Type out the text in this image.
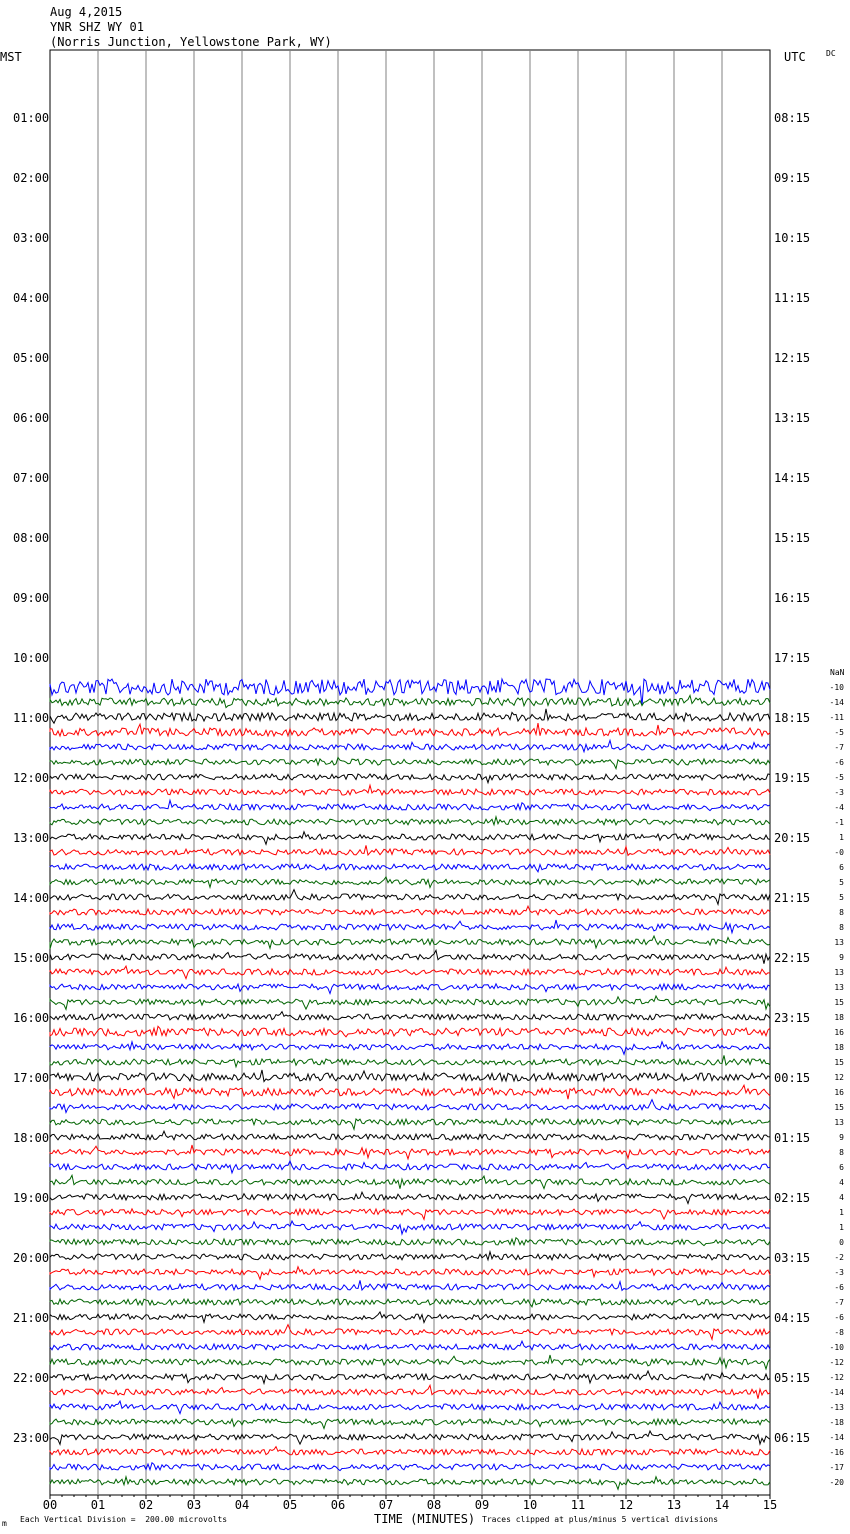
Aug 4,2015
YNR SHZ WY 01
(Norris Junction, Yellowstone Park, WY)
MST	UTC	DC
NaN
00	01	02	03	04	05	06	07	08	09	10	11	12	13	14	15
01:00	08:15
02:00	09:15
03:00	10:15
04:00	11:15
05:00	12:15
06:00	13:15
07:00	14:15
08:00	15:15
09:00	16:15
10:00	17:15
11:00	18:15
12:00	19:15
13:00	20:15
14:00	21:15
15:00	22:15
16:00	23:15
17:00	00:15
18:00	01:15
19:00	02:15
20:00	03:15
21:00	04:15
22:00	05:15
23:00	06:15
-10
-14
-11
-5
-7
-6
-5
-3
-4
-1
1
-0
6
5
5
8
8
13
9
13
13
15
18
16
18
15
12
16
15
13
9
8
6
4
4
1
1
0
-2
-3
-6
-7
-6
-8
-10
-12
-12
-14
-13
-18
-14
-16
-17
-20
m Each Vertical Division =  200.00 microvolts	TIME (MINUTES) Traces clipped at plus/minus 5 vertical divisions
